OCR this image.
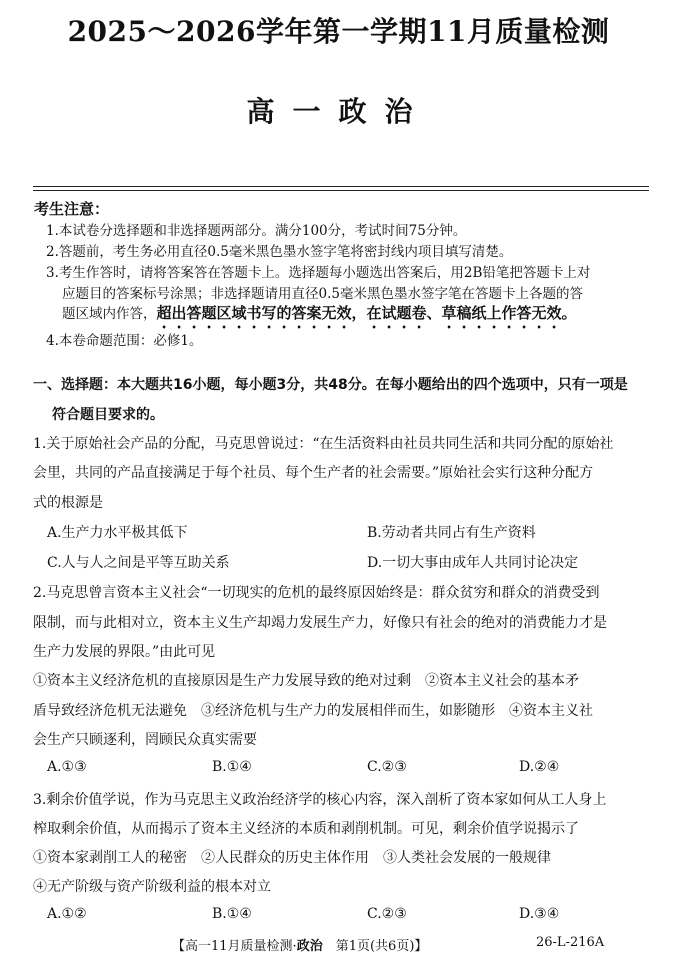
2025～2026学年第一学期11月质量检测
高一政治
考生注意：
1.本试卷分选择题和非选择题两部分。满分100分，考试时间75分钟。
2.答题前，考生务必用直径0.5毫米黑色墨水签字笔将密封线内项目填写清楚。
3.考生作答时，请将答案答在答题卡上。选择题每小题选出答案后，用2B铅笔把答题卡上对
应题目的答案标号涂黑；非选择题请用直径0.5毫米黑色墨水签字笔在答题卡上各题的答
题区域内作答，超出答题区域书写的答案无效，在试题卷、草稿纸上作答无效。
4.本卷命题范围：必修1。
一、选择题：本大题共16小题，每小题3分，共48分。在每小题给出的四个选项中，只有一项是
符合题目要求的。
1.关于原始社会产品的分配，马克思曾说过：“在生活资料由社员共同生活和共同分配的原始社
会里，共同的产品直接满足于每个社员、每个生产者的社会需要。”原始社会实行这种分配方
式的根源是
A.生产力水平极其低下	B.劳动者共同占有生产资料
C.人与人之间是平等互助关系	D.一切大事由成年人共同讨论决定
2.马克思曾言资本主义社会“一切现实的危机的最终原因始终是：群众贫穷和群众的消费受到
限制，而与此相对立，资本主义生产却竭力发展生产力，好像只有社会的绝对的消费能力才是
生产力发展的界限。”由此可见
①资本主义经济危机的直接原因是生产力发展导致的绝对过剩　②资本主义社会的基本矛
盾导致经济危机无法避免　③经济危机与生产力的发展相伴而生，如影随形　④资本主义社
会生产只顾逐利，罔顾民众真实需要
A.①③	B.①④	C.②③	D.②④
3.剩余价值学说，作为马克思主义政治经济学的核心内容，深入剖析了资本家如何从工人身上
榨取剩余价值，从而揭示了资本主义经济的本质和剥削机制。可见，剩余价值学说揭示了
①资本家剥削工人的秘密　②人民群众的历史主体作用　③人类社会发展的一般规律
④无产阶级与资产阶级利益的根本对立
A.①②	B.①④	C.②③	D.③④
【高一11月质量检测·政治　 第1页(共6页)】	26-L-216A
